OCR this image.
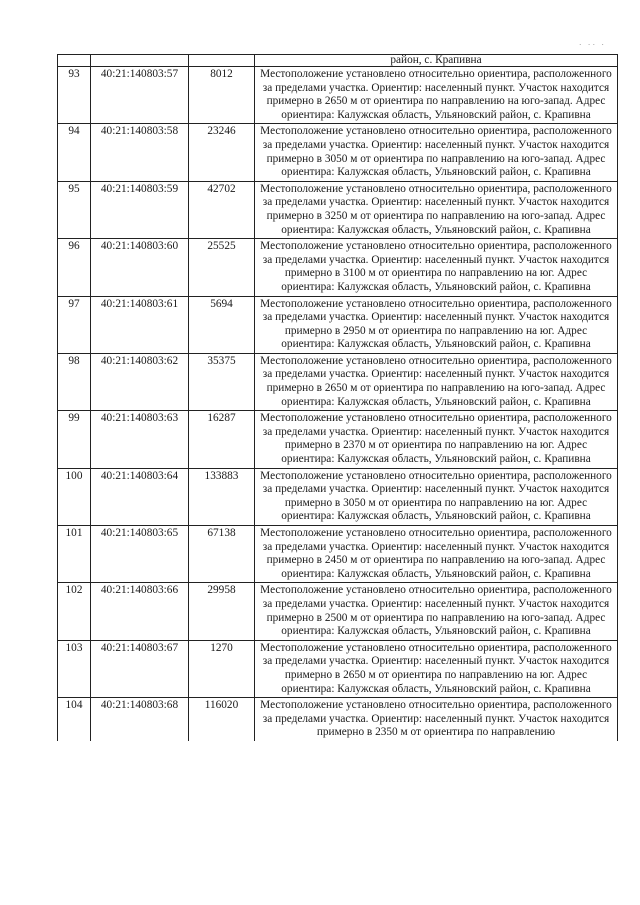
· ·· ·
			район, с. Крапивна
93	40:21:140803:57	8012	Местоположение установлено относительно ориентира, расположенного за пределами участка. Ориентир: населенный пункт. Участок находится примерно в 2650 м от ориентира по направлению на юго-запад. Адрес ориентира: Калужская область, Ульяновский район, с. Крапивна
94	40:21:140803:58	23246	Местоположение установлено относительно ориентира, расположенного за пределами участка. Ориентир: населенный пункт. Участок находится примерно в 3050 м от ориентира по направлению на юго-запад. Адрес ориентира: Калужская область, Ульяновский район, с. Крапивна
95	40:21:140803:59	42702	Местоположение установлено относительно ориентира, расположенного за пределами участка. Ориентир: населенный пункт. Участок находится примерно в 3250 м от ориентира по направлению на юго-запад. Адрес ориентира: Калужская область, Ульяновский район, с. Крапивна
96	40:21:140803:60	25525	Местоположение установлено относительно ориентира, расположенного за пределами участка. Ориентир: населенный пункт. Участок находится примерно в 3100 м от ориентира по направлению на юг. Адрес ориентира: Калужская область, Ульяновский район, с. Крапивна
97	40:21:140803:61	5694	Местоположение установлено относительно ориентира, расположенного за пределами участка. Ориентир: населенный пункт. Участок находится примерно в 2950 м от ориентира по направлению на юг. Адрес ориентира: Калужская область, Ульяновский район, с. Крапивна
98	40:21:140803:62	35375	Местоположение установлено относительно ориентира, расположенного за пределами участка. Ориентир: населенный пункт. Участок находится примерно в 2650 м от ориентира по направлению на юго-запад. Адрес ориентира: Калужская область, Ульяновский район, с. Крапивна
99	40:21:140803:63	16287	Местоположение установлено относительно ориентира, расположенного за пределами участка. Ориентир: населенный пункт. Участок находится примерно в 2370 м от ориентира по направлению на юг. Адрес ориентира: Калужская область, Ульяновский район, с. Крапивна
100	40:21:140803:64	133883	Местоположение установлено относительно ориентира, расположенного за пределами участка. Ориентир: населенный пункт. Участок находится примерно в 3050 м от ориентира по направлению на юг. Адрес ориентира: Калужская область, Ульяновский район, с. Крапивна
101	40:21:140803:65	67138	Местоположение установлено относительно ориентира, расположенного за пределами участка. Ориентир: населенный пункт. Участок находится примерно в 2450 м от ориентира по направлению на юго-запад. Адрес ориентира: Калужская область, Ульяновский район, с. Крапивна
102	40:21:140803:66	29958	Местоположение установлено относительно ориентира, расположенного за пределами участка. Ориентир: населенный пункт. Участок находится примерно в 2500 м от ориентира по направлению на юго-запад. Адрес ориентира: Калужская область, Ульяновский район, с. Крапивна
103	40:21:140803:67	1270	Местоположение установлено относительно ориентира, расположенного за пределами участка. Ориентир: населенный пункт. Участок находится примерно в 2650 м от ориентира по направлению на юг. Адрес ориентира: Калужская область, Ульяновский район, с. Крапивна
104	40:21:140803:68	116020	Местоположение установлено относительно ориентира, расположенного за пределами участка. Ориентир: населенный пункт. Участок находится примерно в 2350 м от ориентира по направлению
